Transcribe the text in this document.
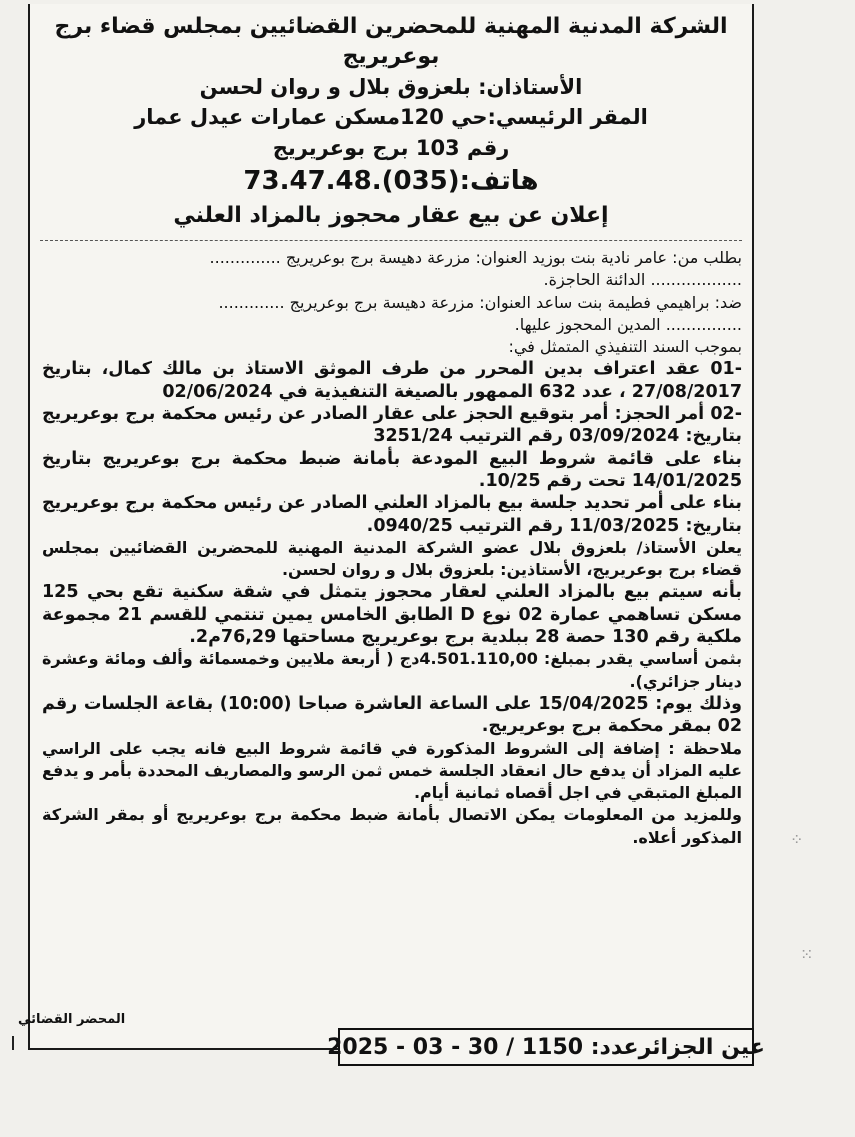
الشركة المدنية المهنية للمحضرين القضائيين بمجلس قضاء برج بوعريريج

الأستاذان: بلعزوق بلال و روان لحسن

المقر الرئيسي:حي 120مسكن عمارات عيدل عمار

رقم 103 برج بوعريريج

هاتف:(035).73.47.48

إعلان عن بيع عقار محجوز بالمزاد العلني

بطلب من: عامر نادية بنت بوزيد العنوان: مزرعة دهيسة برج بوعريريج ..............

.................. الدائنة الحاجزة.

ضد: براهيمي فطيمة بنت ساعد العنوان: مزرعة دهيسة برج بوعريريج .............

............... المدين المحجوز عليها.

بموجب السند التنفيذي المتمثل في:

-01 عقد اعتراف بدين المحرر من طرف الموثق الاستاذ بن مالك كمال، بتاريخ 27/08/2017 ، عدد 632 الممهور بالصيغة التنفيذية في 02/06/2024

-02 أمر الحجز: أمر بتوقيع الحجز على عقار الصادر عن رئيس محكمة برج بوعريريج بتاريخ: 03/09/2024 رقم الترتيب 3251/24

بناء على قائمة شروط البيع المودعة بأمانة ضبط محكمة برج بوعريريج بتاريخ 14/01/2025 تحت رقم 10/25.

بناء على أمر تحديد جلسة بيع بالمزاد العلني الصادر عن رئيس محكمة برج بوعريريج بتاريخ: 11/03/2025 رقم الترتيب 0940/25.

يعلن الأستاذ/ بلعزوق بلال عضو الشركة المدنية المهنية للمحضرين القضائيين بمجلس قضاء برج بوعريريج، الأستاذين: بلعزوق بلال و روان لحسن.

بأنه سيتم بيع بالمزاد العلني لعقار محجوز يتمثل في شقة سكنية تقع بحي 125 مسكن تساهمي عمارة 02 نوع D الطابق الخامس يمين تنتمي للقسم 21 مجموعة ملكية رقم 130 حصة 28 ببلدية برج بوعريريج مساحتها 76,29م2.

بثمن أساسي يقدر بمبلغ: 4.501.110,00دج ( أربعة ملايين وخمسمائة وألف ومائة وعشرة دينار جزائري).

وذلك يوم: 15/04/2025 على الساعة العاشرة صباحا (10:00) بقاعة الجلسات رقم 02 بمقر محكمة برج بوعريريج.

ملاحظة : إضافة إلى الشروط المذكورة في قائمة شروط البيع فانه يجب على الراسي عليه المزاد أن يدفع حال انعقاد الجلسة خمس ثمن الرسو والمصاريف المحددة بأمر و يدفع المبلغ المتبقي في اجل أقصاه ثمانية أيام.

وللمزيد من المعلومات يمكن الاتصال بأمانة ضبط محكمة برج بوعريريج أو بمقر الشركة المذكور أعلاه.

المحضر القضائي
عين الجزائرعدد: 1150 / 30 - 03 - 2025
⁘
⁙
